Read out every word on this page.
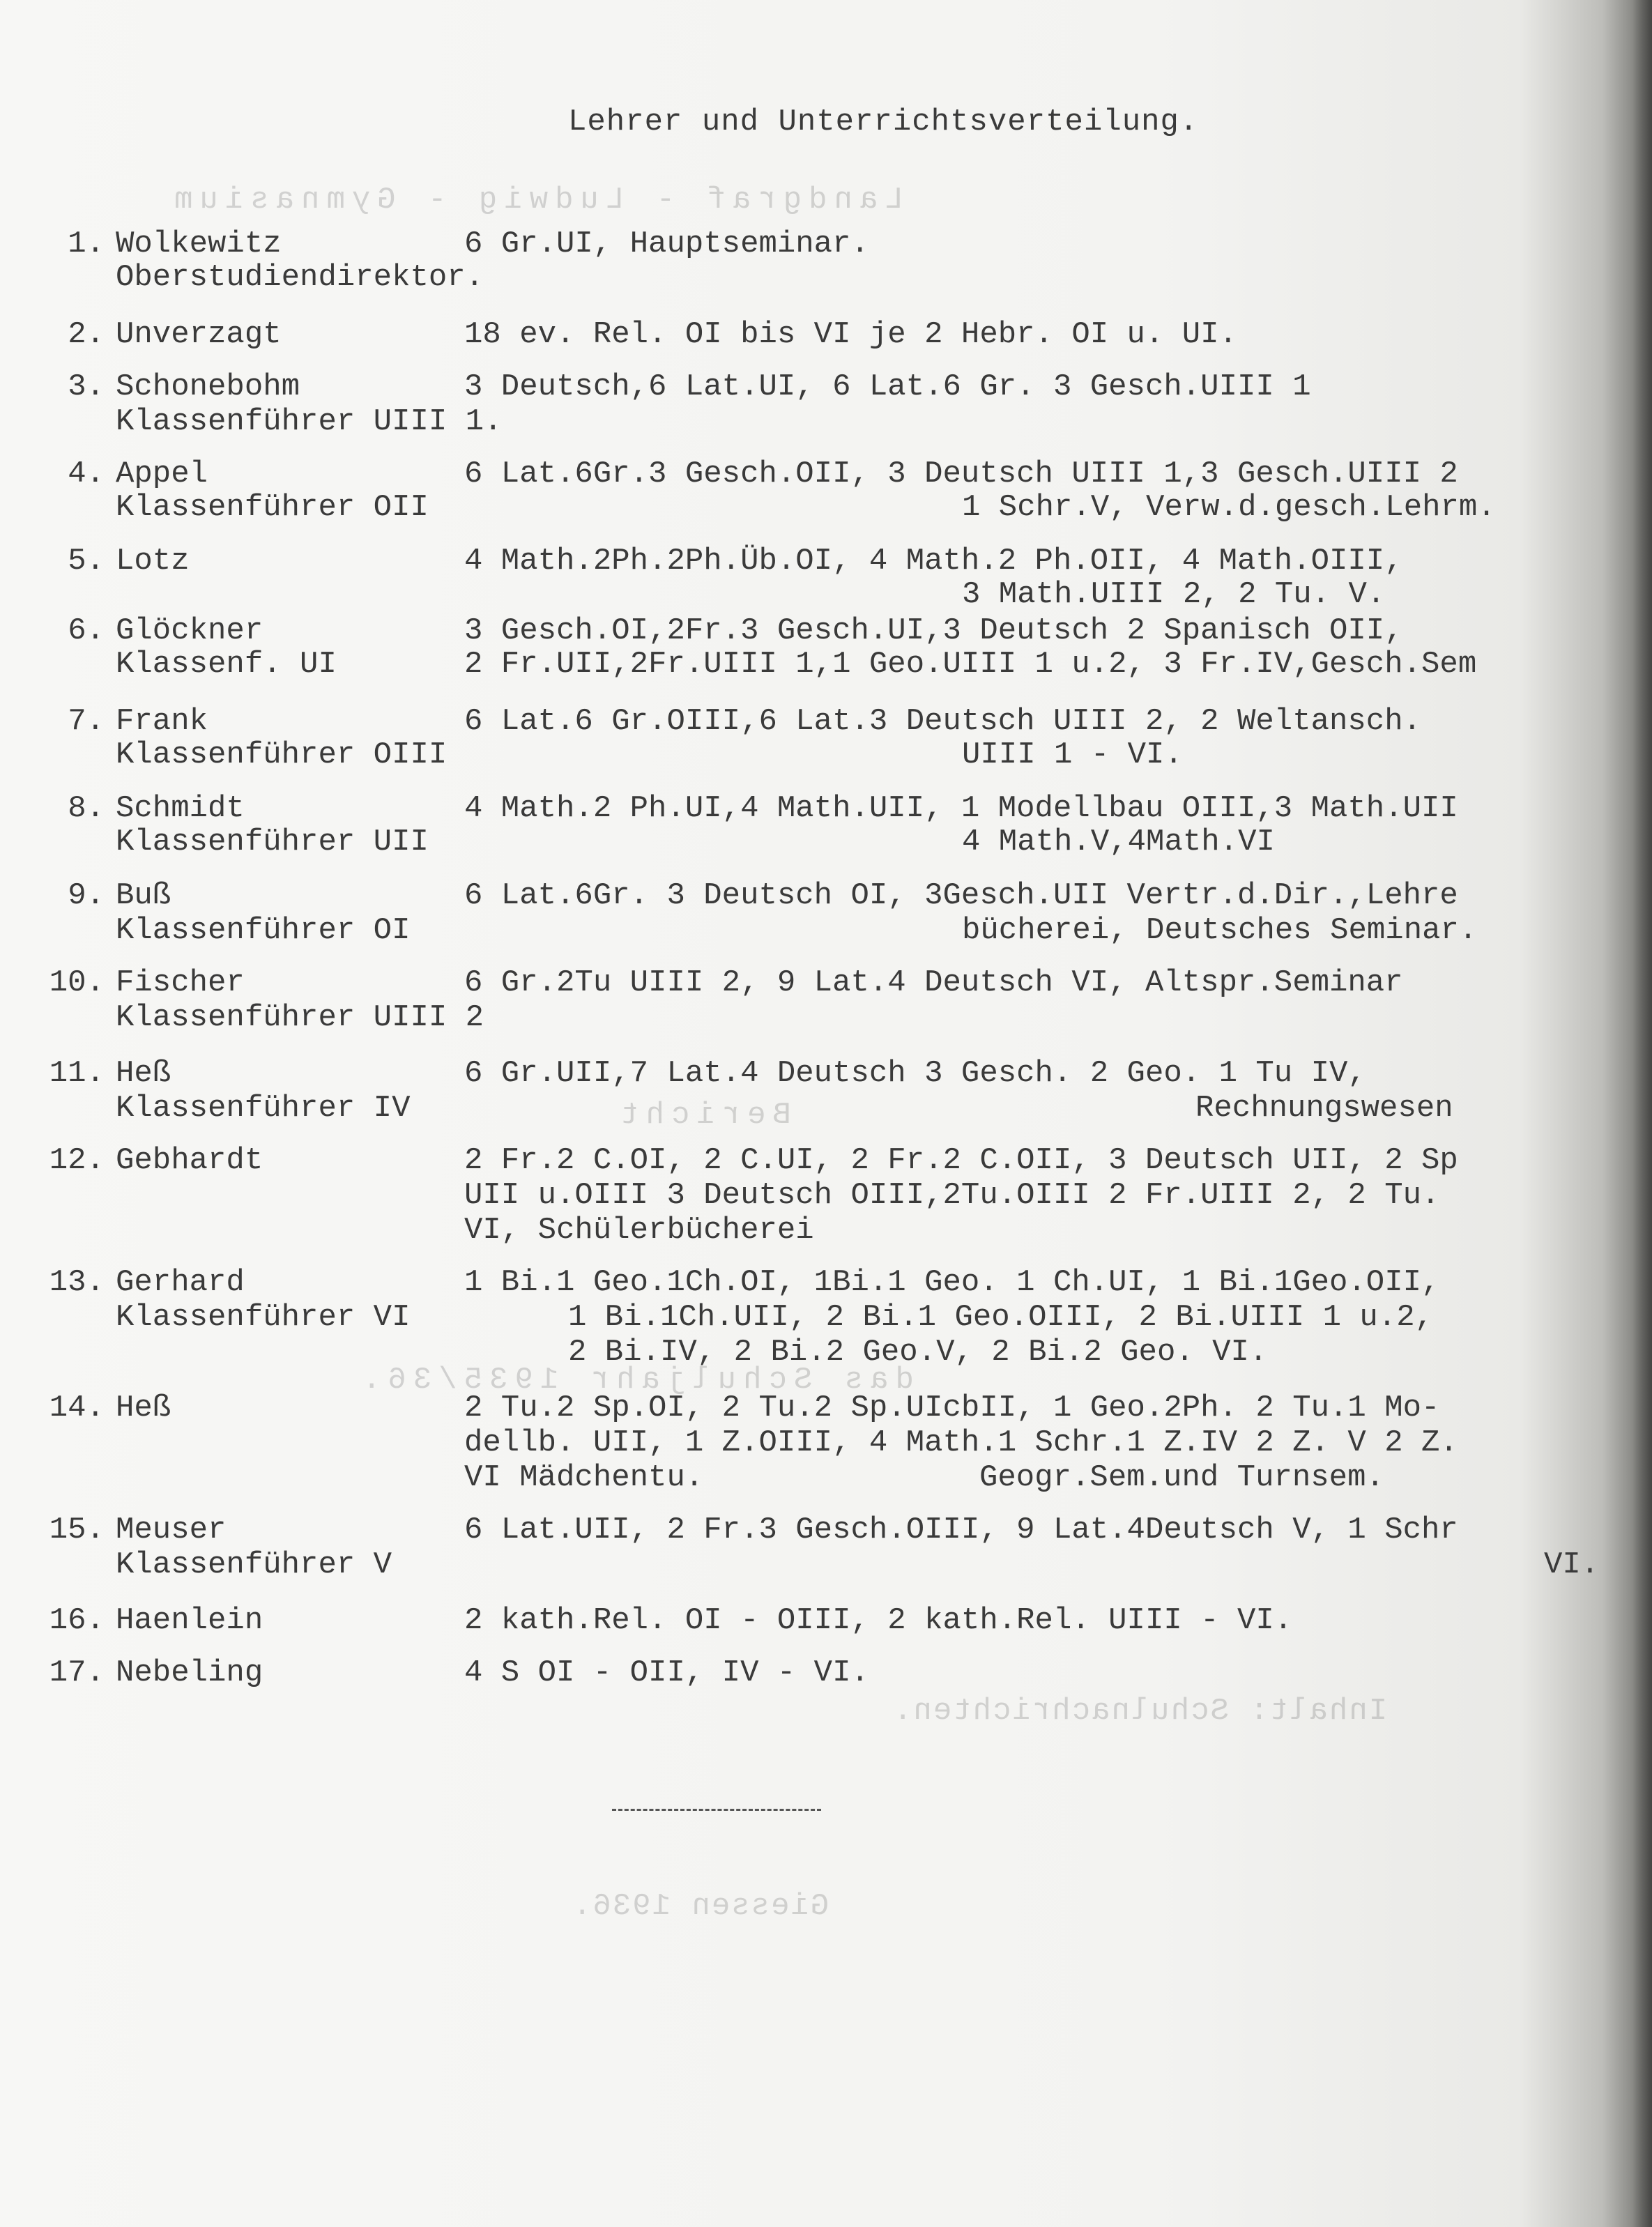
Landgraf - Ludwig - Gymnasium
Bericht
das Schuljahr 1935/36.
Inhalt: Schulnachrichten.
Giessen 1936.
Lehrer und Unterrichtsverteilung.
1. Wolkewitz	6 Gr.UI, Hauptseminar.
Oberstudiendirektor.
2. Unverzagt	18 ev. Rel. OI bis VI je 2 Hebr. OI u. UI.
3. Schonebohm	3 Deutsch,6 Lat.UI, 6 Lat.6 Gr. 3 Gesch.UIII 1
Klassenführer UIII 1.
4. Appel	6 Lat.6Gr.3 Gesch.OII, 3 Deutsch UIII 1,3 Gesch.UIII 2
Klassenführer OII	1 Schr.V, Verw.d.gesch.Lehrm.
5. Lotz	4 Math.2Ph.2Ph.Üb.OI, 4 Math.2 Ph.OII, 4 Math.OIII,
3 Math.UIII 2, 2 Tu. V.
6. Glöckner	3 Gesch.OI,2Fr.3 Gesch.UI,3 Deutsch 2 Spanisch OII,
Klassenf. UI	2 Fr.UII,2Fr.UIII 1,1 Geo.UIII 1 u.2, 3 Fr.IV,Gesch.Sem
7. Frank	6 Lat.6 Gr.OIII,6 Lat.3 Deutsch UIII 2, 2 Weltansch.
Klassenführer OIII	UIII 1 - VI.
8. Schmidt	4 Math.2 Ph.UI,4 Math.UII, 1 Modellbau OIII,3 Math.UII
Klassenführer UII	4 Math.V,4Math.VI
9. Buß	6 Lat.6Gr. 3 Deutsch OI, 3Gesch.UII Vertr.d.Dir.,Lehre
Klassenführer OI	bücherei, Deutsches Seminar.
10. Fischer	6 Gr.2Tu UIII 2, 9 Lat.4 Deutsch VI, Altspr.Seminar
Klassenführer UIII 2
11. Heß	6 Gr.UII,7 Lat.4 Deutsch 3 Gesch. 2 Geo. 1 Tu IV,
Klassenführer IV	Rechnungswesen
12. Gebhardt	2 Fr.2 C.OI, 2 C.UI, 2 Fr.2 C.OII, 3 Deutsch UII, 2 Sp
UII u.OIII 3 Deutsch OIII,2Tu.OIII 2 Fr.UIII 2, 2 Tu.
VI, Schülerbücherei
13. Gerhard	1 Bi.1 Geo.1Ch.OI, 1Bi.1 Geo. 1 Ch.UI, 1 Bi.1Geo.OII,
Klassenführer VI	1 Bi.1Ch.UII, 2 Bi.1 Geo.OIII, 2 Bi.UIII 1 u.2,
2 Bi.IV, 2 Bi.2 Geo.V, 2 Bi.2 Geo. VI.
14. Heß	2 Tu.2 Sp.OI, 2 Tu.2 Sp.UIcbII, 1 Geo.2Ph. 2 Tu.1 Mo-
dellb. UII, 1 Z.OIII, 4 Math.1 Schr.1 Z.IV 2 Z. V 2 Z.
VI Mädchentu.	Geogr.Sem.und Turnsem.
15. Meuser	6 Lat.UII, 2 Fr.3 Gesch.OIII, 9 Lat.4Deutsch V, 1 Schr
Klassenführer V	VI.
16. Haenlein	2 kath.Rel. OI - OIII, 2 kath.Rel. UIII - VI.
17. Nebeling	4 S OI - OII, IV - VI.
